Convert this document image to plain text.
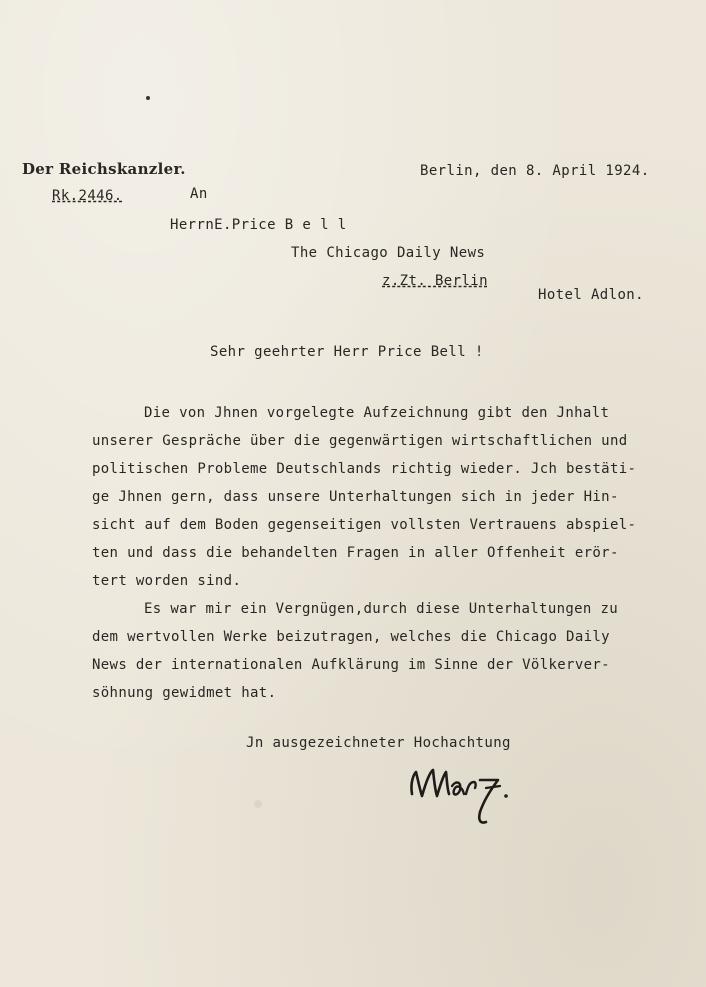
Der Reichskanzler.
Rk.2446.
Berlin, den 8. April 1924.
An
HerrnE.Price B e l l
The Chicago Daily News
z.Zt. Berlin
Hotel Adlon.
Sehr geehrter Herr Price Bell !
Die von Jhnen vorgelegte Aufzeichnung gibt den Jnhalt
unserer Gespräche über die gegenwärtigen wirtschaftlichen und
politischen Probleme Deutschlands richtig wieder. Jch bestäti-
ge Jhnen gern, dass unsere Unterhaltungen sich in jeder Hin-
sicht auf dem Boden gegenseitigen vollsten Vertrauens abspiel-
ten und dass die behandelten Fragen in aller Offenheit erör-
tert worden sind.
Es war mir ein Vergnügen,durch diese Unterhaltungen zu
dem wertvollen Werke beizutragen, welches die Chicago Daily
News der internationalen Aufklärung im Sinne der Völkerver-
söhnung gewidmet hat.
Jn ausgezeichneter Hochachtung
